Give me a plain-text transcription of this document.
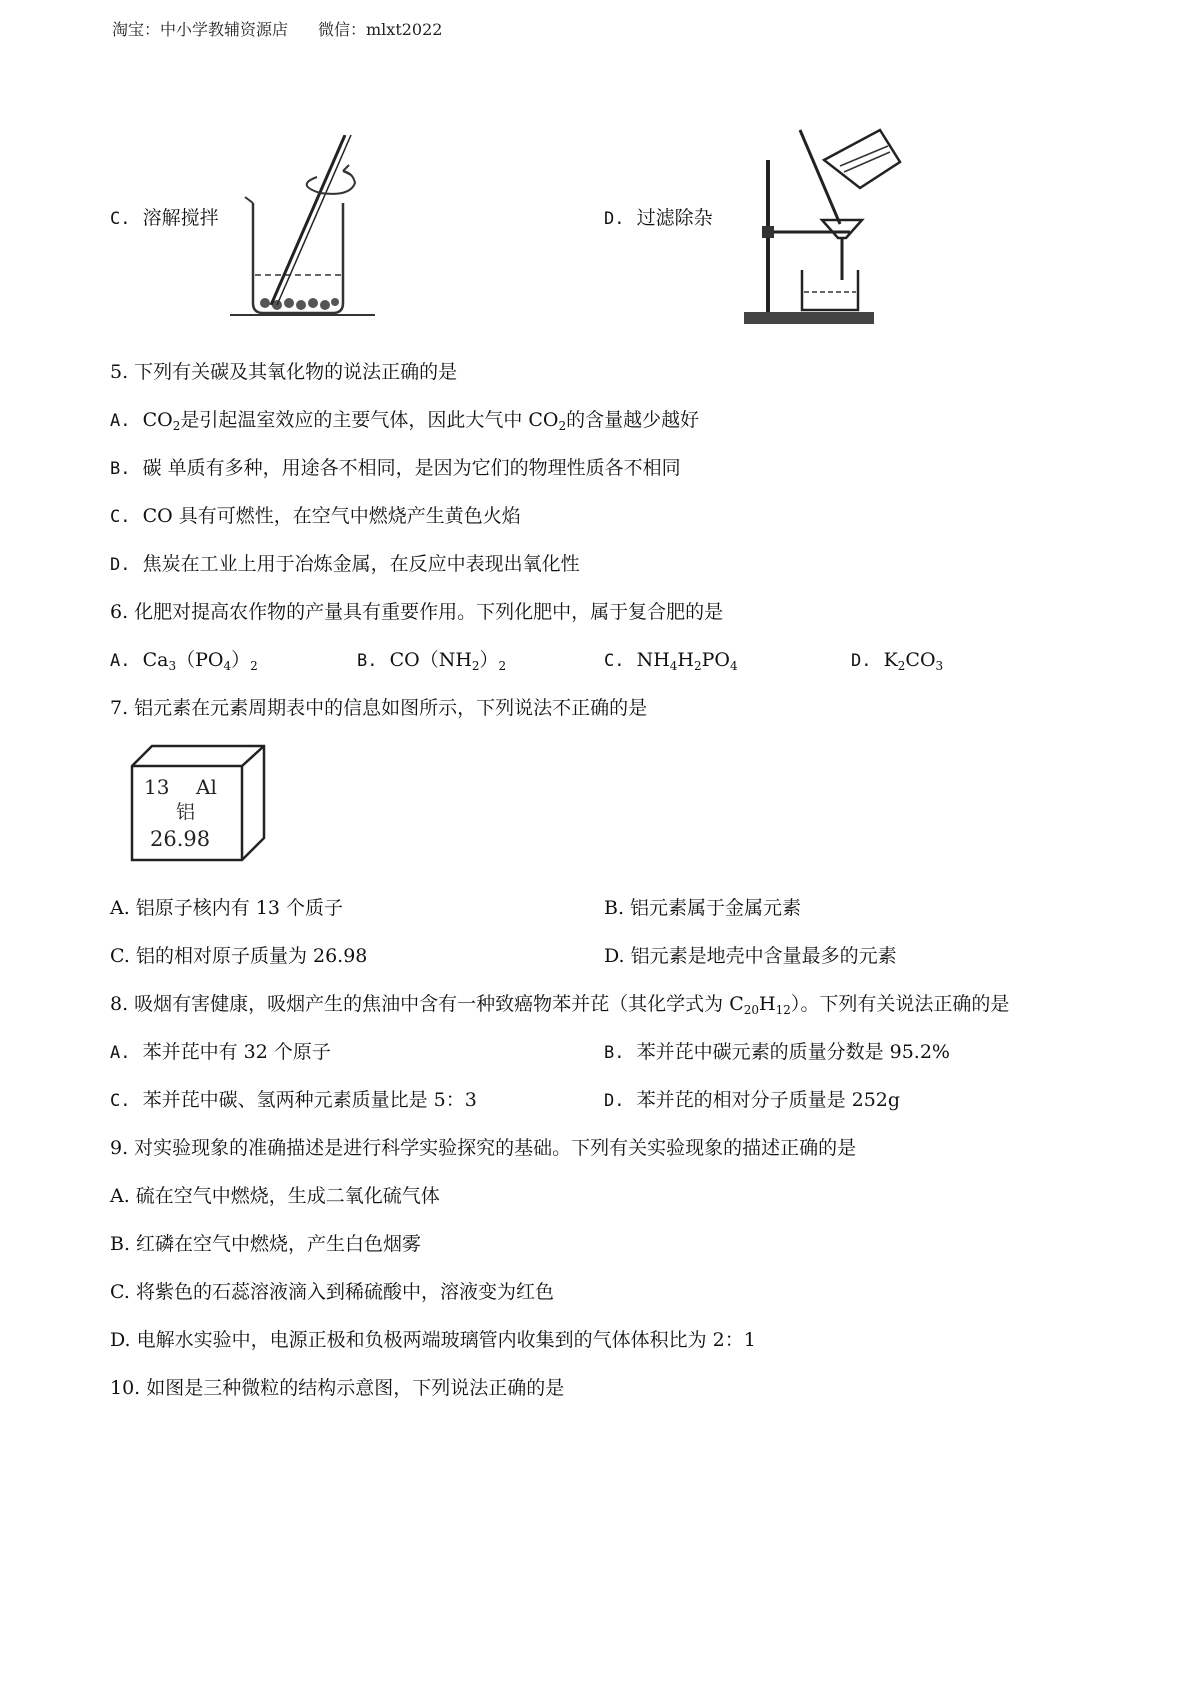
淘宝：中小学教辅资源店 微信：mlxt2022
C. 溶解搅拌	D. 过滤除杂
5. 下列有关碳及其氧化物的说法正确的是
A. $CO_2$是引起温室效应的主要气体，因此大气中 $CO_2$的含量越少越好
B. 碳 单质有多种，用途各不相同，是因为它们的物理性质各不相同
C. CO 具有可燃性，在空气中燃烧产生黄色火焰
D. 焦炭在工业上用于冶炼金属，在反应中表现出氧化性
6. 化肥对提高农作物的产量具有重要作用。下列化肥中，属于复合肥的是
A. $Ca_3(PO_4)_2$	B. $CO(NH_2)_2$	C. $NH_4H_2PO_4$	D. $K_2CO_3$
7. 铝元素在元素周期表中的信息如图所示，下列说法不正确的是
13 Al
铝
26.98
A. 铝原子核内有 13 个质子	B. 铝元素属于金属元素
C. 铝的相对原子质量为 26.98	D. 铝元素是地壳中含量最多的元素
8. 吸烟有害健康，吸烟产生的焦油中含有一种致癌物苯并芘（其化学式为 $C_{20}H_{12}$）。下列有关说法正确的是
A. 苯并芘中有 32 个原子	B. 苯并芘中碳元素的质量分数是 95.2%
C. 苯并芘中碳、氢两种元素质量比是 5：3	D. 苯并芘的相对分子质量是 252g
9. 对实验现象的准确描述是进行科学实验探究的基础。下列有关实验现象的描述正确的是
A. 硫在空气中燃烧，生成二氧化硫气体
B. 红磷在空气中燃烧，产生白色烟雾
C. 将紫色的石蕊溶液滴入到稀硫酸中，溶液变为红色
D. 电解水实验中，电源正极和负极两端玻璃管内收集到的气体体积比为 2：1
10. 如图是三种微粒的结构示意图，下列说法正确的是
